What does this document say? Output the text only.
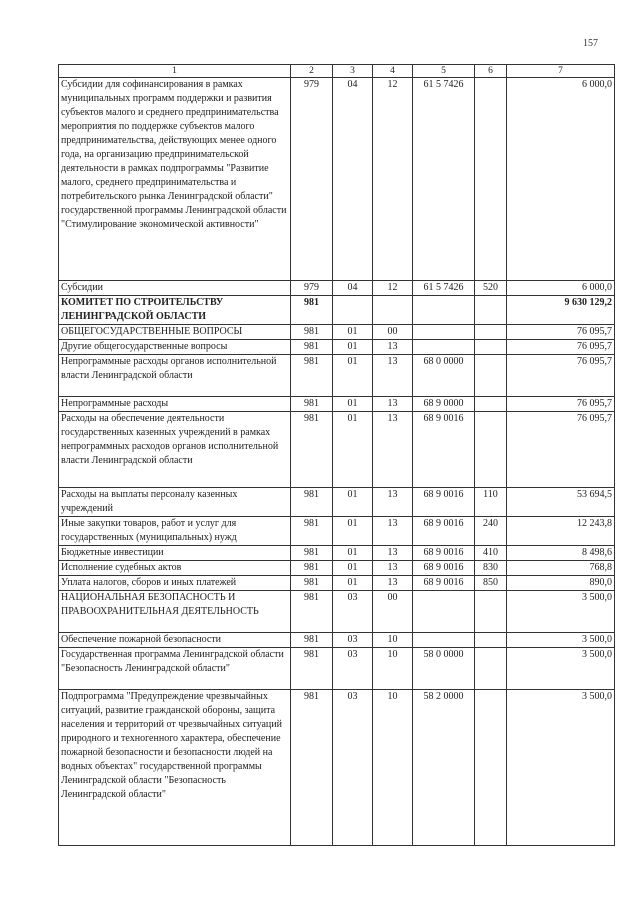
157
1	2	3	4	5	6	7
Субсидии для софинансирования в рамках муниципальных программ поддержки и развития субъектов малого и среднего предпринимательства мероприятия по поддержке субъектов малого предпринимательства, действующих менее одного года, на организацию предпринимательской деятельности в рамках подпрограммы "Развитие малого, среднего предпринимательства и потребительского рынка Ленинградской области" государственной программы Ленинградской области "Стимулирование экономической активности"	979	04	12	61 5 7426		6 000,0
Субсидии	979	04	12	61 5 7426	520	6 000,0
КОМИТЕТ ПО СТРОИТЕЛЬСТВУ ЛЕНИНГРАДСКОЙ ОБЛАСТИ	981					9 630 129,2
ОБЩЕГОСУДАРСТВЕННЫЕ ВОПРОСЫ	981	01	00			76 095,7
Другие общегосударственные вопросы	981	01	13			76 095,7
Непрограммные расходы органов исполнительной власти Ленинградской области	981	01	13	68 0 0000		76 095,7
Непрограммные расходы	981	01	13	68 9 0000		76 095,7
Расходы на обеспечение деятельности государственных казенных учреждений в рамках непрограммных расходов органов исполнительной власти Ленинградской области	981	01	13	68 9 0016		76 095,7
Расходы на выплаты персоналу казенных учреждений	981	01	13	68 9 0016	110	53 694,5
Иные закупки товаров, работ и услуг для государственных (муниципальных) нужд	981	01	13	68 9 0016	240	12 243,8
Бюджетные инвестиции	981	01	13	68 9 0016	410	8 498,6
Исполнение судебных актов	981	01	13	68 9 0016	830	768,8
Уплата налогов, сборов и иных платежей	981	01	13	68 9 0016	850	890,0
НАЦИОНАЛЬНАЯ БЕЗОПАСНОСТЬ И ПРАВООХРАНИТЕЛЬНАЯ ДЕЯТЕЛЬНОСТЬ	981	03	00			3 500,0
Обеспечение пожарной безопасности	981	03	10			3 500,0
Государственная программа Ленинградской области "Безопасность Ленинградской области"	981	03	10	58 0 0000		3 500,0
Подпрограмма "Предупреждение чрезвычайных ситуаций, развитие гражданской обороны, защита населения и территорий от чрезвычайных ситуаций природного и техногенного характера, обеспечение пожарной безопасности и безопасности людей на водных объектах" государственной программы Ленинградской области "Безопасность Ленинградской области"	981	03	10	58 2 0000		3 500,0
